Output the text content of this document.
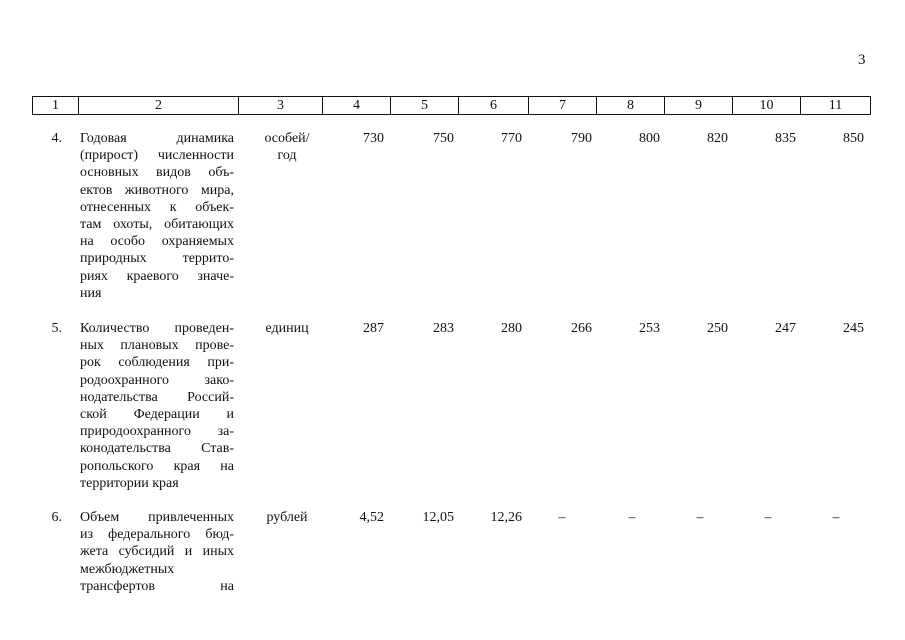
3
1	2	3	4	5	6	7	8	9	10	11
4. Годовая динамика
(прирост) численности
основных видов объ-
ектов животного мира,
отнесенных к объек-
там охоты, обитающих
на особо охраняемых
природных террито-
риях краевого значе-
ния
особей/
год
730	750	770	790	800	820	835	850
5. Количество проведен-
ных плановых прове-
рок соблюдения при-
родоохранного зако-
нодательства Россий-
ской Федерации и
природоохранного за-
конодательства Став-
ропольского края на
территории края
единиц	287	283	280	266	253	250	247	245
6. Объем привлеченных
из федерального бюд-
жета субсидий и иных
межбюджетных
трансфертов на
рублей	4,52	12,05	12,26	–	–	–	–	–
